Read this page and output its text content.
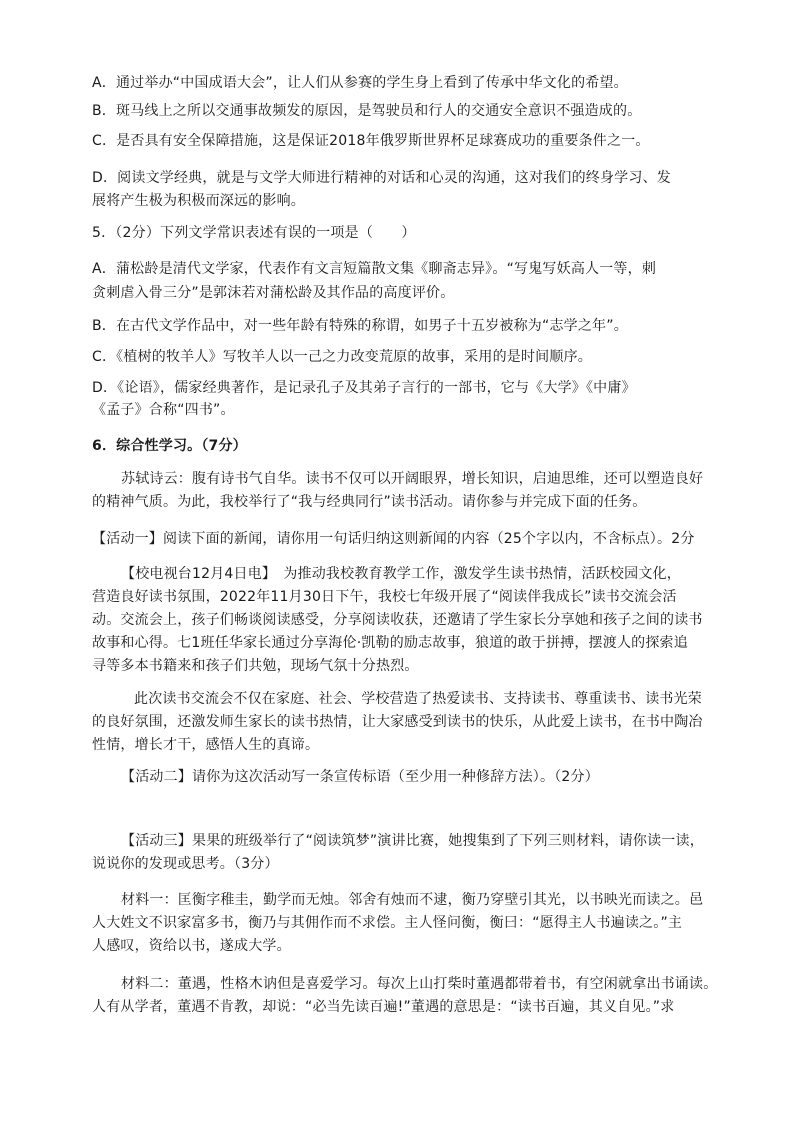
A．通过举办“中国成语大会”，让人们从参赛的学生身上看到了传承中华文化的希望。
B．斑马线上之所以交通事故频发的原因，是驾驶员和行人的交通安全意识不强造成的。
C．是否具有安全保障措施，这是保证2018年俄罗斯世界杯足球赛成功的重要条件之一。
D．阅读文学经典，就是与文学大师进行精神的对话和心灵的沟通，这对我们的终身学习、发
展将产生极为积极而深远的影响。
5．（2分）下列文学常识表述有误的一项是（　　）
A．蒲松龄是清代文学家，代表作有文言短篇散文集《聊斋志异》。“写鬼写妖高人一等，刺
贪刺虐入骨三分”是郭沫若对蒲松龄及其作品的高度评价。
B．在古代文学作品中，对一些年龄有特殊的称谓，如男子十五岁被称为“志学之年”。
C．《植树的牧羊人》写牧羊人以一己之力改变荒原的故事，采用的是时间顺序。
D．《论语》，儒家经典著作，是记录孔子及其弟子言行的一部书，它与《大学》《中庸》
《孟子》合称“四书”。
6．综合性学习。（7分）
苏轼诗云：腹有诗书气自华。读书不仅可以开阔眼界，增长知识，启迪思维，还可以塑造良好
的精神气质。为此，我校举行了“我与经典同行”读书活动。请你参与并完成下面的任务。
【活动一】阅读下面的新闻，请你用一句话归纳这则新闻的内容（25个字以内，不含标点）。2分
【校电视台12月4日电】　为推动我校教育教学工作，激发学生读书热情，活跃校园文化，
营造良好读书氛围，2022年11月30日下午，我校七年级开展了“阅读伴我成长”读书交流会活
动。交流会上，孩子们畅谈阅读感受，分享阅读收获，还邀请了学生家长分享她和孩子之间的读书
故事和心得。七1班任华家长通过分享海伦·凯勒的励志故事，狼道的敢于拼搏，摆渡人的探索追
寻等多本书籍来和孩子们共勉，现场气氛十分热烈。
此次读书交流会不仅在家庭、社会、学校营造了热爱读书、支持读书、尊重读书、读书光荣
的良好氛围，还激发师生家长的读书热情，让大家感受到读书的快乐，从此爱上读书，在书中陶冶
性情，增长才干，感悟人生的真谛。
【活动二】请你为这次活动写一条宣传标语（至少用一种修辞方法）。（2分）
【活动三】果果的班级举行了“阅读筑梦”演讲比赛，她搜集到了下列三则材料，请你读一读，
说说你的发现或思考。（3分）
材料一：匡衡字稚圭，勤学而无烛。邻舍有烛而不逮，衡乃穿壁引其光，以书映光而读之。邑
人大姓文不识家富多书，衡乃与其佣作而不求偿。主人怪问衡，衡曰：“愿得主人书遍读之。”主
人感叹，资给以书，遂成大学。
材料二：董遇，性格木讷但是喜爱学习。每次上山打柴时董遇都带着书，有空闲就拿出书诵读。
人有从学者，董遇不肯教，却说：“必当先读百遍!”董遇的意思是：“读书百遍，其义自见。”求
